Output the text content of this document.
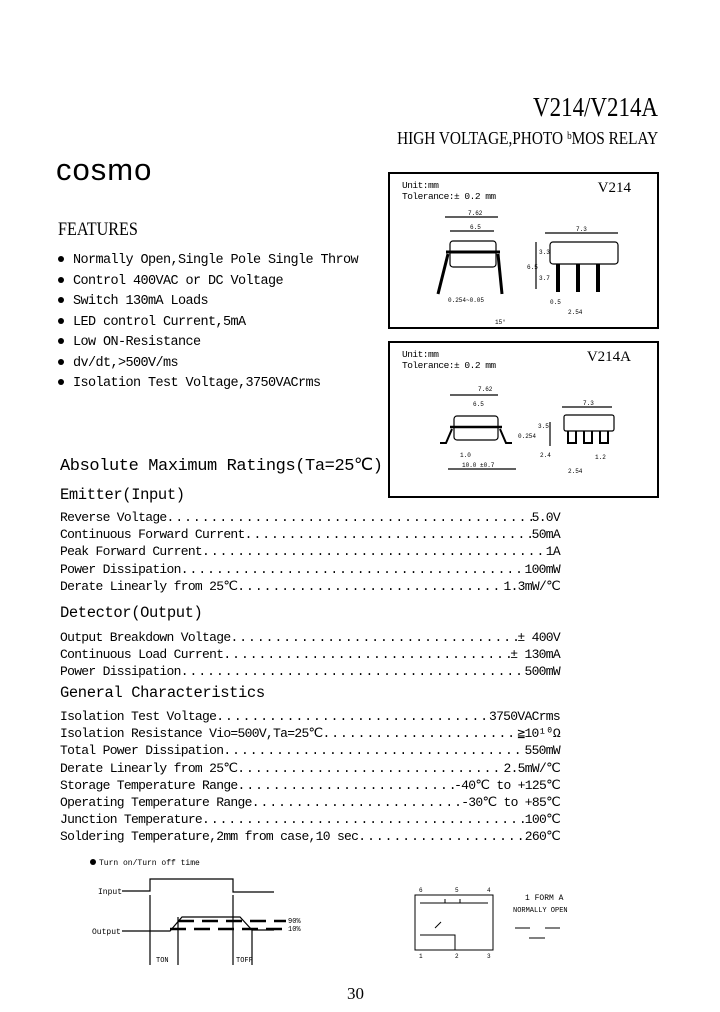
V214/V214A
HIGH VOLTAGE,PHOTO ᵇMOS RELAY
cosmo
FEATURES
Normally Open,Single Pole Single Throw
Control 400VAC or DC Voltage
Switch 130mA Loads
LED control Current,5mA
Low ON-Resistance
dv/dt,>500V/ms
Isolation Test Voltage,3750VACrms
Absolute Maximum Ratings(Ta=25℃)
Emitter(Input)
Reverse Voltage .....	5.0V
Continuous Forward Current .....	50mA
Peak Forward Current .....	1A
Power Dissipation .....	100mW
Derate Linearly from 25℃ .....	1.3mW/℃
Detector(Output)
Output Breakdown Voltage .....	± 400V
Continuous Load Current .....	± 130mA
Power Dissipation .....	500mW
General Characteristics
Isolation Test Voltage .....	3750VACrms
Isolation Resistance Vio=500V,Ta=25℃ .....	≧10¹⁰Ω
Total Power Dissipation .....	550mW
Derate Linearly from 25℃ .....	2.5mW/℃
Storage Temperature Range .....	-40℃ to +125℃
Operating Temperature Range .....	-30℃ to +85℃
Junction Temperature .....	100℃
Soldering Temperature,2mm from case,10 sec .....	260℃
Unit:mm
Tolerance:± 0.2 mm
V214
7.62
6.5	7.3
3.3
3.7
6.5
0.254~0.05	0.5
2.54
15°
Unit:mm
Tolerance:± 0.2 mm
V214A
7.62
6.5	7.3
3.5
0.254
1.0
10.0 ±0.7
1.2
2.54
2.4
Turn on/Turn off time
Input
Output
90%
10%
TON	TOFF
6	5	4
1	2	3
1 FORM A
NORMALLY OPEN
30
